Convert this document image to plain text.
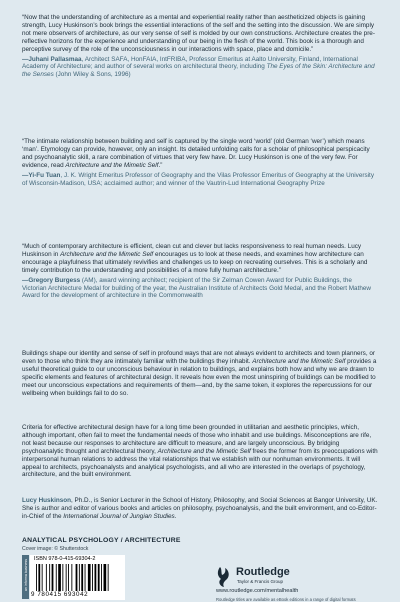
“Now that the understanding of architecture as a mental and experiential reality rather than aestheticized objects is gaining strength, Lucy Huskinson’s book brings the essential interactions of the self and the setting into the discussion. We are simply not mere observers of architecture, as our very sense of self is molded by our own constructions. Architecture creates the pre-reflective horizons for the experience and understanding of our being in the flesh of the world. This book is a thorough and perceptive survey of the role of the unconsciousness in our interactions with space, place and domicile.”

—Juhani Pallasmaa, Architect SAFA, HonFAIA, IntFRIBA, Professor Emeritus at Aalto University, Finland, International Academy of Architecture; and author of several works on architectural theory, including The Eyes of the Skin: Architecture and the Senses (John Wiley & Sons, 1996)

“The intimate relationship between building and self is captured by the single word ‘world’ (old German ‘wer’) which means ‘man’. Etymology can provide, however, only an insight. Its detailed unfolding calls for a scholar of philosophical perspicacity and psychoanalytic skill, a rare combination of virtues that very few have. Dr. Lucy Huskinson is one of the very few. For evidence, read Architecture and the Mimetic Self.”

—Yi-Fu Tuan, J. K. Wright Emeritus Professor of Geography and the Vilas Professor Emeritus of Geography at the University of Wisconsin-Madison, USA; acclaimed author; and winner of the Vautrin-Lud International Geography Prize

“Much of contemporary architecture is efficient, clean cut and clever but lacks responsiveness to real human needs. Lucy Huskinson in Architecture and the Mimetic Self encourages us to look at these needs, and examines how architecture can encourage a playfulness that ultimately revivifies and challenges us to keep on recreating ourselves. This is a scholarly and timely contribution to the understanding and possibilities of a more fully human architecture.”

—Gregory Burgess (AM), award winning architect; recipient of the Sir Zelman Cowen Award for Public Buildings, the Victorian Architecture Medal for building of the year, the Australian Institute of Architects Gold Medal, and the Robert Mathew Award for the development of architecture in the Commonwealth

Buildings shape our identity and sense of self in profound ways that are not always evident to architects and town planners, or even to those who think they are intimately familiar with the buildings they inhabit. Architecture and the Mimetic Self provides a useful theoretical guide to our unconscious behaviour in relation to buildings, and explains both how and why we are drawn to specific elements and features of architectural design. It reveals how even the most uninspiring of buildings can be modified to meet our unconscious expectations and requirements of them—and, by the same token, it explores the repercussions for our wellbeing when buildings fail to do so.

Criteria for effective architectural design have for a long time been grounded in utilitarian and aesthetic principles, which, although important, often fail to meet the fundamental needs of those who inhabit and use buildings. Misconceptions are rife, not least because our responses to architecture are difficult to measure, and are largely unconscious. By bridging psychoanalytic thought and architectural theory, Architecture and the Mimetic Self frees the former from its preoccupations with interpersonal human relations to address the vital relationships that we establish with our nonhuman environments. It will appeal to architects, psychoanalysts and analytical psychologists, and all who are interested in the overlaps of psychology, architecture, and the built environment.

Lucy Huskinson, Ph.D., is Senior Lecturer in the School of History, Philosophy, and Social Sciences at Bangor University, UK. She is author and editor of various books and articles on philosophy, psychoanalysis, and the built environment, and co-Editor-in-Chief of the International Journal of Jungian Studies.

ANALYTICAL PSYCHOLOGY / ARCHITECTURE
Cover image: © Shutterstock
an informa business ISBN 978-0-415-69304-2
9 780415 693042
Routledge
Taylor & Francis Group
www.routledge.com/mentalhealth
Routledge titles are available as eBook editions in a range of digital formats
